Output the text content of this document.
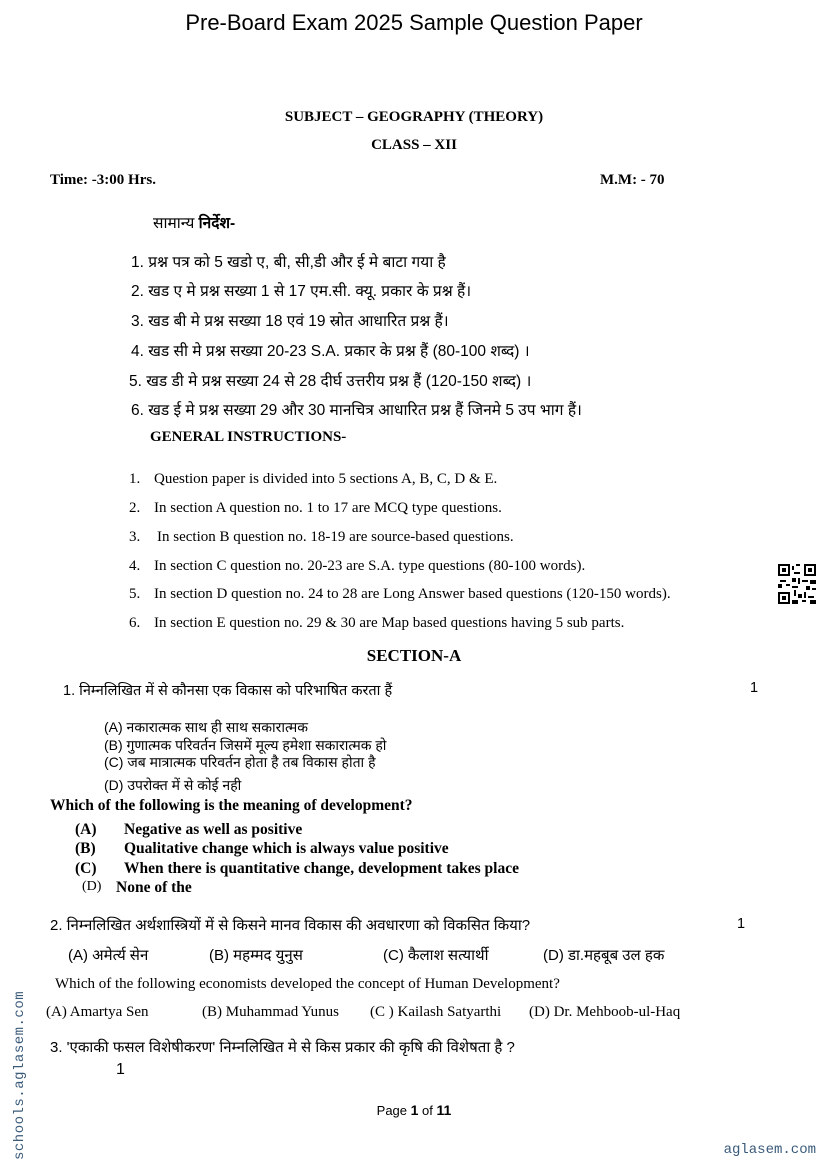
Pre-Board Exam 2025 Sample Question Paper
SUBJECT – GEOGRAPHY (THEORY)
CLASS – XII
Time: -3:00 Hrs.	M.M: - 70
सामान्य निर्देश-
1. प्रश्न पत्र को 5 खडो ए, बी, सी,डी और ई मे बाटा गया है
2. खड ए मे प्रश्न सख्या 1 से 17 एम.सी. क्यू. प्रकार के प्रश्न हैं।
3. खड बी मे प्रश्न सख्या 18 एवं 19 स्रोत आधारित प्रश्न हैं।
4. खड सी मे प्रश्न सख्या 20-23 S.A. प्रकार के प्रश्न हैं (80-100 शब्द) ।
5. खड डी मे प्रश्न सख्या 24 से 28 दीर्घ उत्तरीय प्रश्न हैं (120-150 शब्द) ।
6. खड ई मे प्रश्न सख्या 29 और 30 मानचित्र आधारित प्रश्न हैं जिनमे 5 उप भाग हैं।
GENERAL INSTRUCTIONS-
1. Question paper is divided into 5 sections A, B, C, D & E.
2. In section A question no. 1 to 17 are MCQ type questions.
3. In section B question no. 18-19 are source-based questions.
4. In section C question no. 20-23 are S.A. type questions (80-100 words).
5. In section D question no. 24 to 28 are Long Answer based questions (120-150 words).
6. In section E question no. 29 & 30 are Map based questions having 5 sub parts.
SECTION-A
1. निम्नलिखित में से कौनसा एक विकास को परिभाषित करता हैं	1
(A) नकारात्मक साथ ही साथ सकारात्मक
(B) गुणात्मक परिवर्तन जिसमें मूल्य हमेशा सकारात्मक हो
(C) जब मात्रात्मक परिवर्तन होता है तब विकास होता है
(D) उपरोक्त में से कोई नही
Which of the following is the meaning of development?
(A) Negative as well as positive
(B) Qualitative change which is always value positive
(C) When there is quantitative change, development takes place
(D) None of the
2. निम्नलिखित अर्थशास्त्रियों में से किसने मानव विकास की अवधारणा को विकसित किया?	1
(A) अमेर्त्य सेन	(B) महम्मद युनुस	(C) कैलाश सत्यार्थी	(D) डा.महबूब उल हक
Which of the following economists developed the concept of Human Development?
(A) Amartya Sen	(B) Muhammad Yunus (C ) Kailash Satyarthi (D) Dr. Mehboob-ul-Haq
3. 'एकाकी फसल विशेषीकरण' निम्नलिखित मे से किस प्रकार की कृषि की विशेषता है ?
1
Page 1 of 11
schools.aglasem.com	aglasem.com
